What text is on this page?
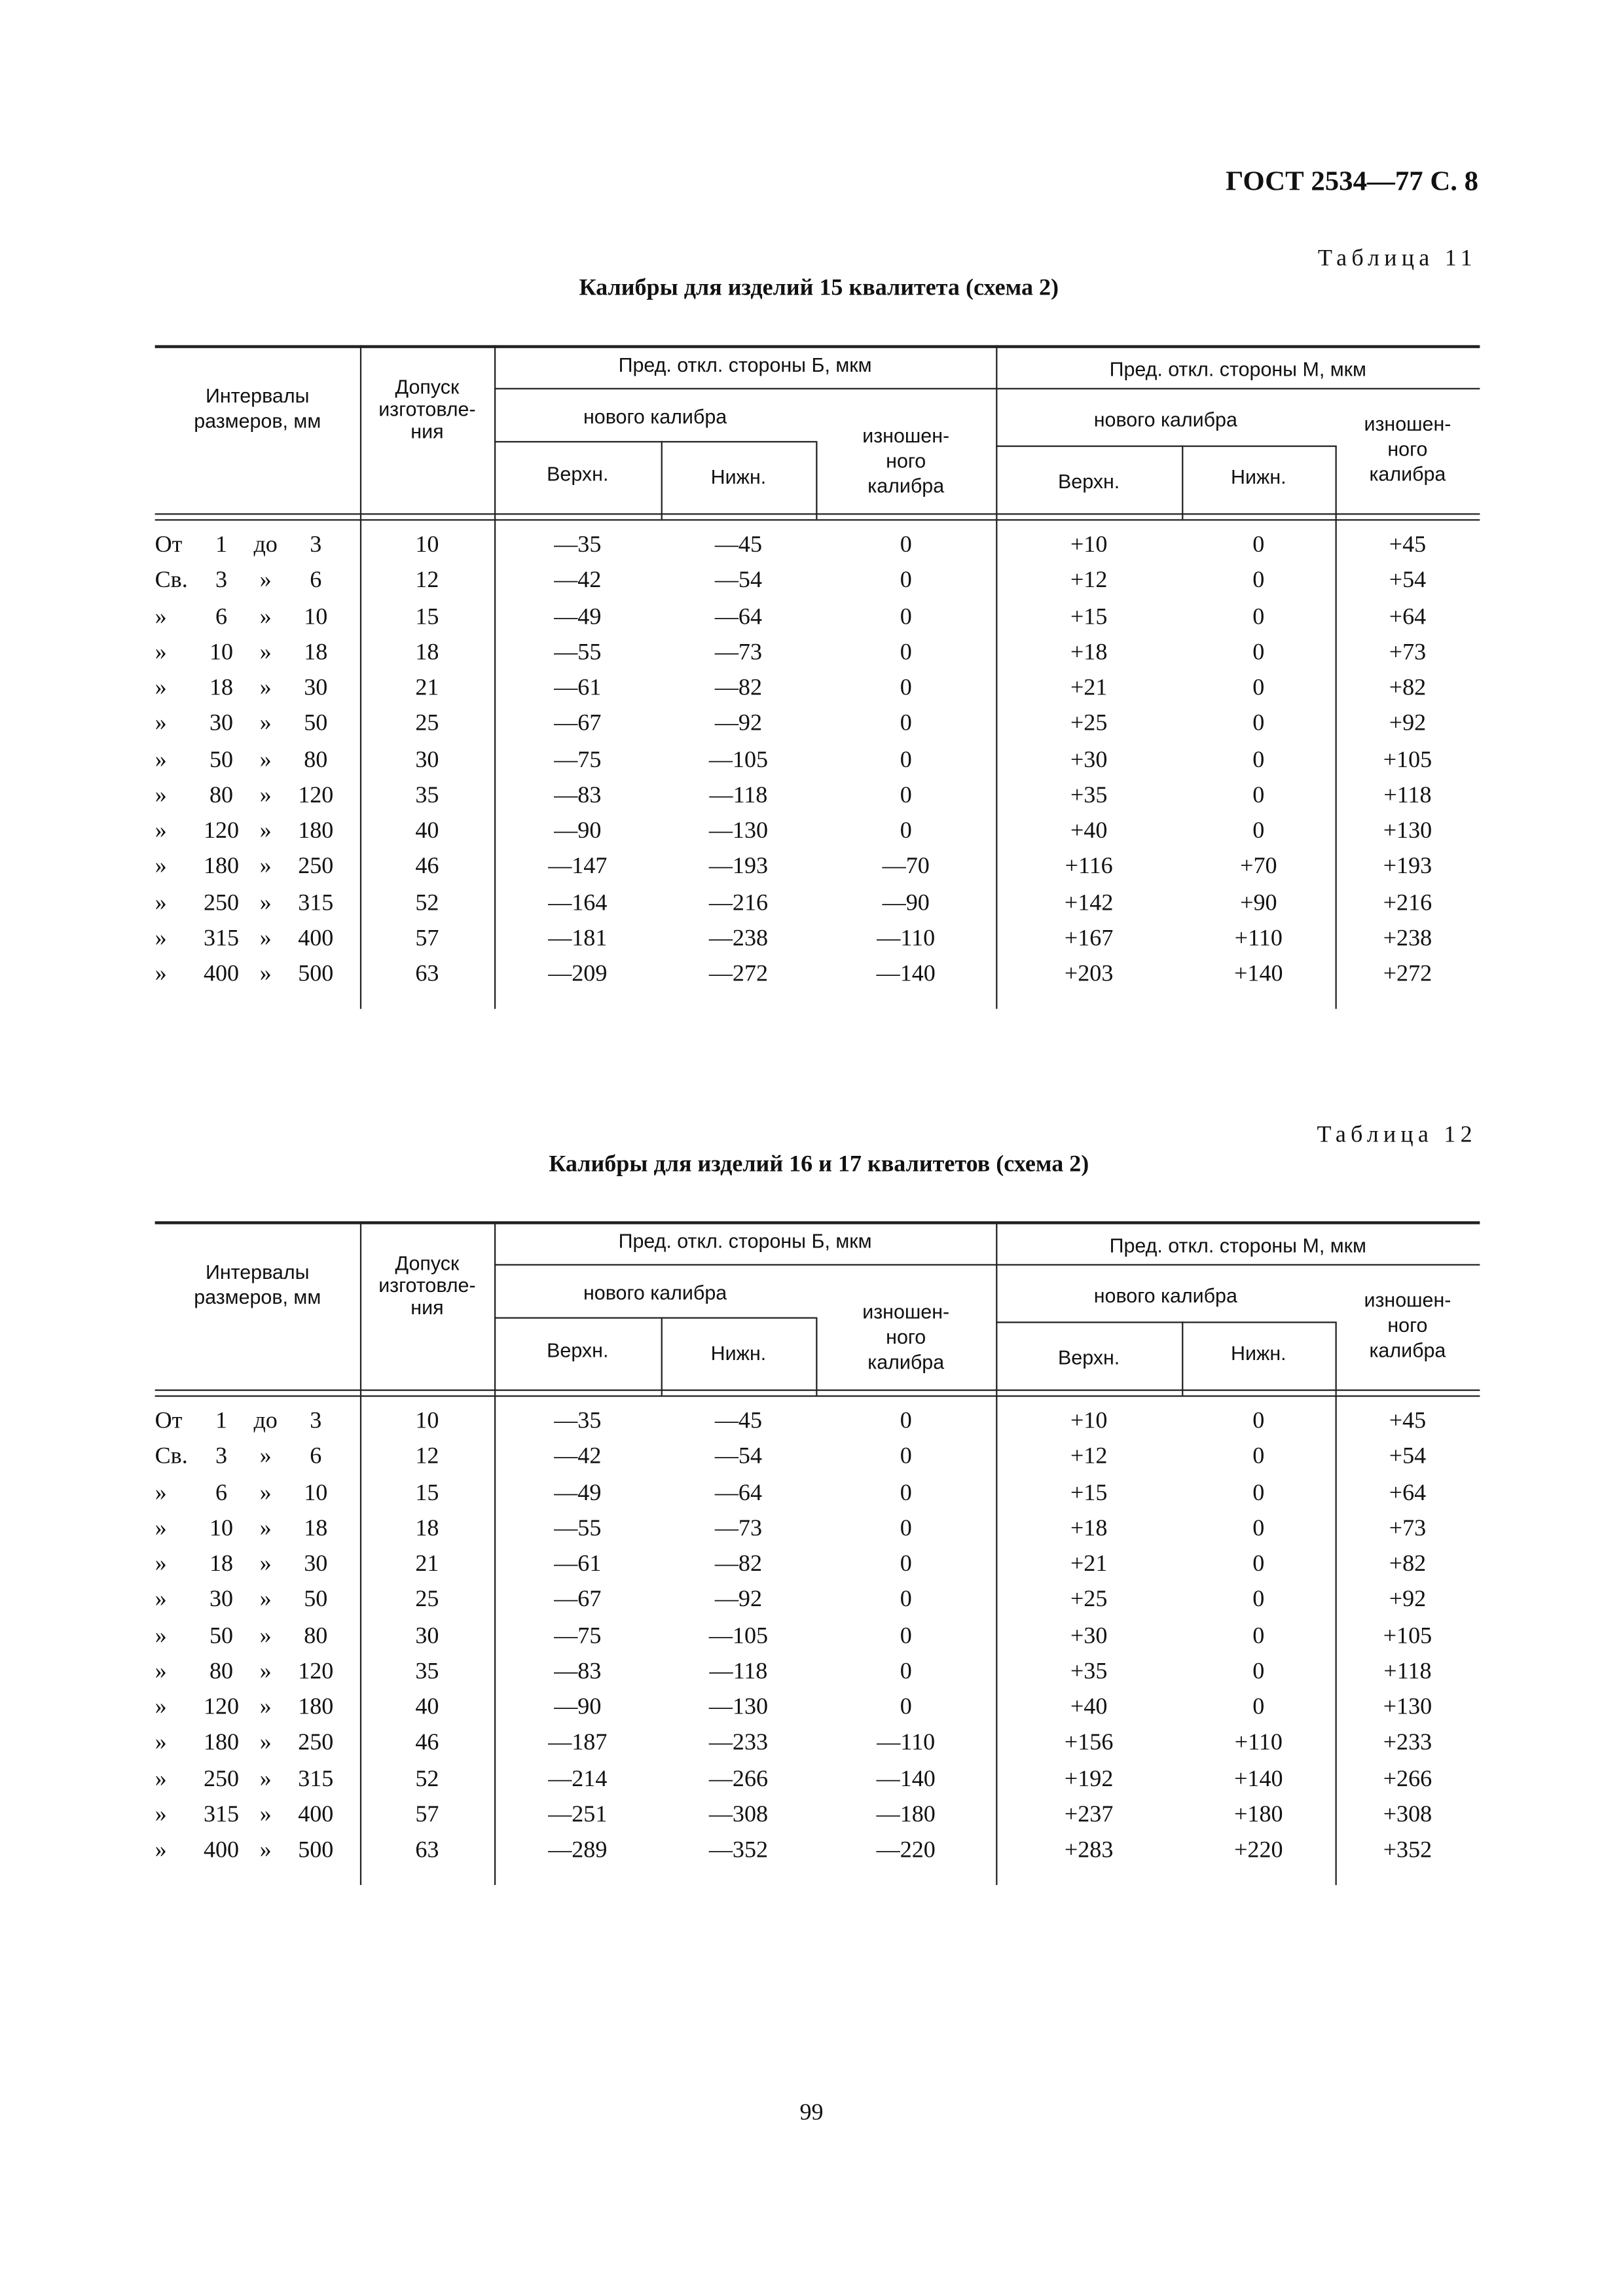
ГОСТ 2534—77 С. 8
99
Таблица 11
Калибры для изделий 15 квалитета (схема 2)
Интервалы
размеров, мм
Допуск
изготовле-
ния
Пред. откл. стороны Б, мкм	Пред. откл. стороны М, мкм
нового калибра	нового калибра
Верхн.	Нижн.	Верхн.	Нижн.
изношен-
ного
калибра
изношен-
ного
калибра
От	1	до	3	10	—35	—45	0	+10	0	+45
Св.	3	»	6	12	—42	—54	0	+12	0	+54
»	6	»	10	15	—49	—64	0	+15	0	+64
»	10	»	18	18	—55	—73	0	+18	0	+73
»	18	»	30	21	—61	—82	0	+21	0	+82
»	30	»	50	25	—67	—92	0	+25	0	+92
»	50	»	80	30	—75	—105	0	+30	0	+105
»	80	»	120	35	—83	—118	0	+35	0	+118
»	120	»	180	40	—90	—130	0	+40	0	+130
»	180	»	250	46	—147	—193	—70	+116	+70	+193
»	250	»	315	52	—164	—216	—90	+142	+90	+216
»	315	»	400	57	—181	—238	—110	+167	+110	+238
»	400	»	500	63	—209	—272	—140	+203	+140	+272
Таблица 12
Калибры для изделий 16 и 17 квалитетов (схема 2)
Интервалы
размеров, мм
Допуск
изготовле-
ния
Пред. откл. стороны Б, мкм	Пред. откл. стороны М, мкм
нового калибра	нового калибра
Верхн.	Нижн.	Верхн.	Нижн.
изношен-
ного
калибра
изношен-
ного
калибра
От	1	до	3	10	—35	—45	0	+10	0	+45
Св.	3	»	6	12	—42	—54	0	+12	0	+54
»	6	»	10	15	—49	—64	0	+15	0	+64
»	10	»	18	18	—55	—73	0	+18	0	+73
»	18	»	30	21	—61	—82	0	+21	0	+82
»	30	»	50	25	—67	—92	0	+25	0	+92
»	50	»	80	30	—75	—105	0	+30	0	+105
»	80	»	120	35	—83	—118	0	+35	0	+118
»	120	»	180	40	—90	—130	0	+40	0	+130
»	180	»	250	46	—187	—233	—110	+156	+110	+233
»	250	»	315	52	—214	—266	—140	+192	+140	+266
»	315	»	400	57	—251	—308	—180	+237	+180	+308
»	400	»	500	63	—289	—352	—220	+283	+220	+352
